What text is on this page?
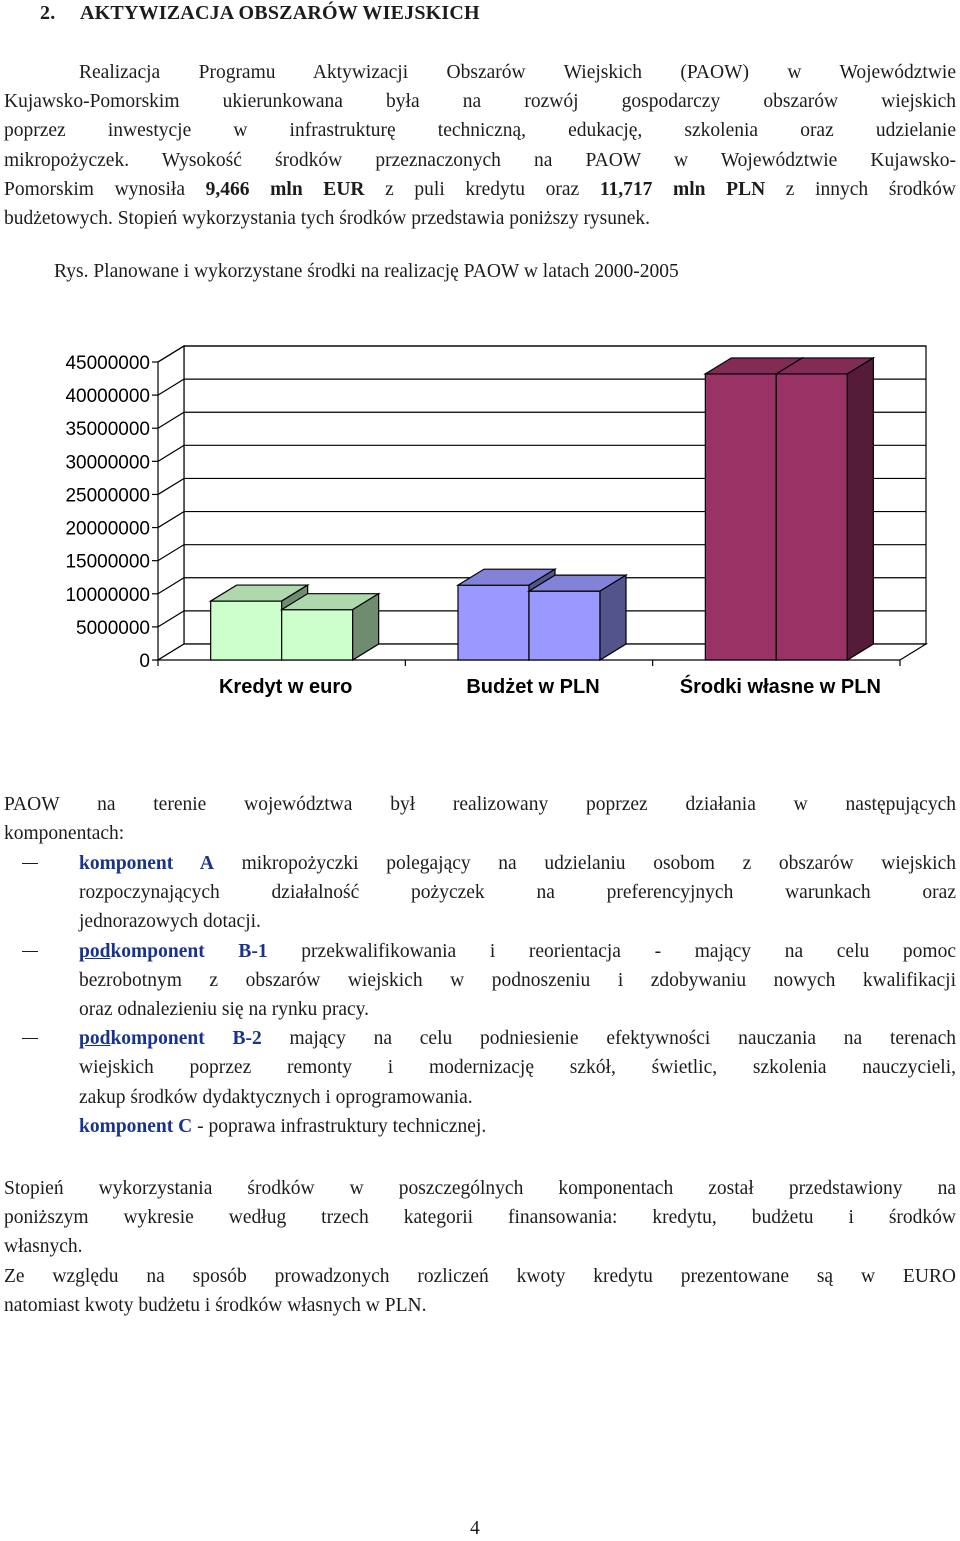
2. AKTYWIZACJA OBSZARÓW WIEJSKICH
Realizacja Programu Aktywizacji Obszarów Wiejskich (PAOW) w Województwie
Kujawsko-Pomorskim ukierunkowana była na rozwój gospodarczy obszarów wiejskich
poprzez inwestycje w infrastrukturę techniczną, edukację, szkolenia oraz udzielanie
mikropożyczek. Wysokość środków przeznaczonych na PAOW w Województwie Kujawsko-
Pomorskim wynosiła 9,466 mln EUR z puli kredytu oraz 11,717 mln PLN z innych środków
budżetowych. Stopień wykorzystania tych środków przedstawia poniższy rysunek.
Rys. Planowane i wykorzystane środki na realizację PAOW w latach 2000-2005
0
5000000
10000000
15000000
20000000
25000000
30000000
35000000
40000000
45000000
Kredyt w euro	Budżet w PLN	Środki własne w PLN
PAOW na terenie województwa był realizowany poprzez działania w następujących
komponentach:
komponent A mikropożyczki polegający na udzielaniu osobom z obszarów wiejskich
rozpoczynających działalność pożyczek na preferencyjnych warunkach oraz
jednorazowych dotacji.
podkomponent B-1 przekwalifikowania i reorientacja - mający na celu pomoc
bezrobotnym z obszarów wiejskich w podnoszeniu i zdobywaniu nowych kwalifikacji
oraz odnalezieniu się na rynku pracy.
podkomponent B-2 mający na celu podniesienie efektywności nauczania na terenach
wiejskich poprzez remonty i modernizację szkół, świetlic, szkolenia nauczycieli,
zakup środków dydaktycznych i oprogramowania.
komponent C - poprawa infrastruktury technicznej.
Stopień wykorzystania środków w poszczególnych komponentach został przedstawiony na
poniższym wykresie według trzech kategorii finansowania: kredytu, budżetu i środków
własnych.
Ze względu na sposób prowadzonych rozliczeń kwoty kredytu prezentowane są w EURO
natomiast kwoty budżetu i środków własnych w PLN.
4
